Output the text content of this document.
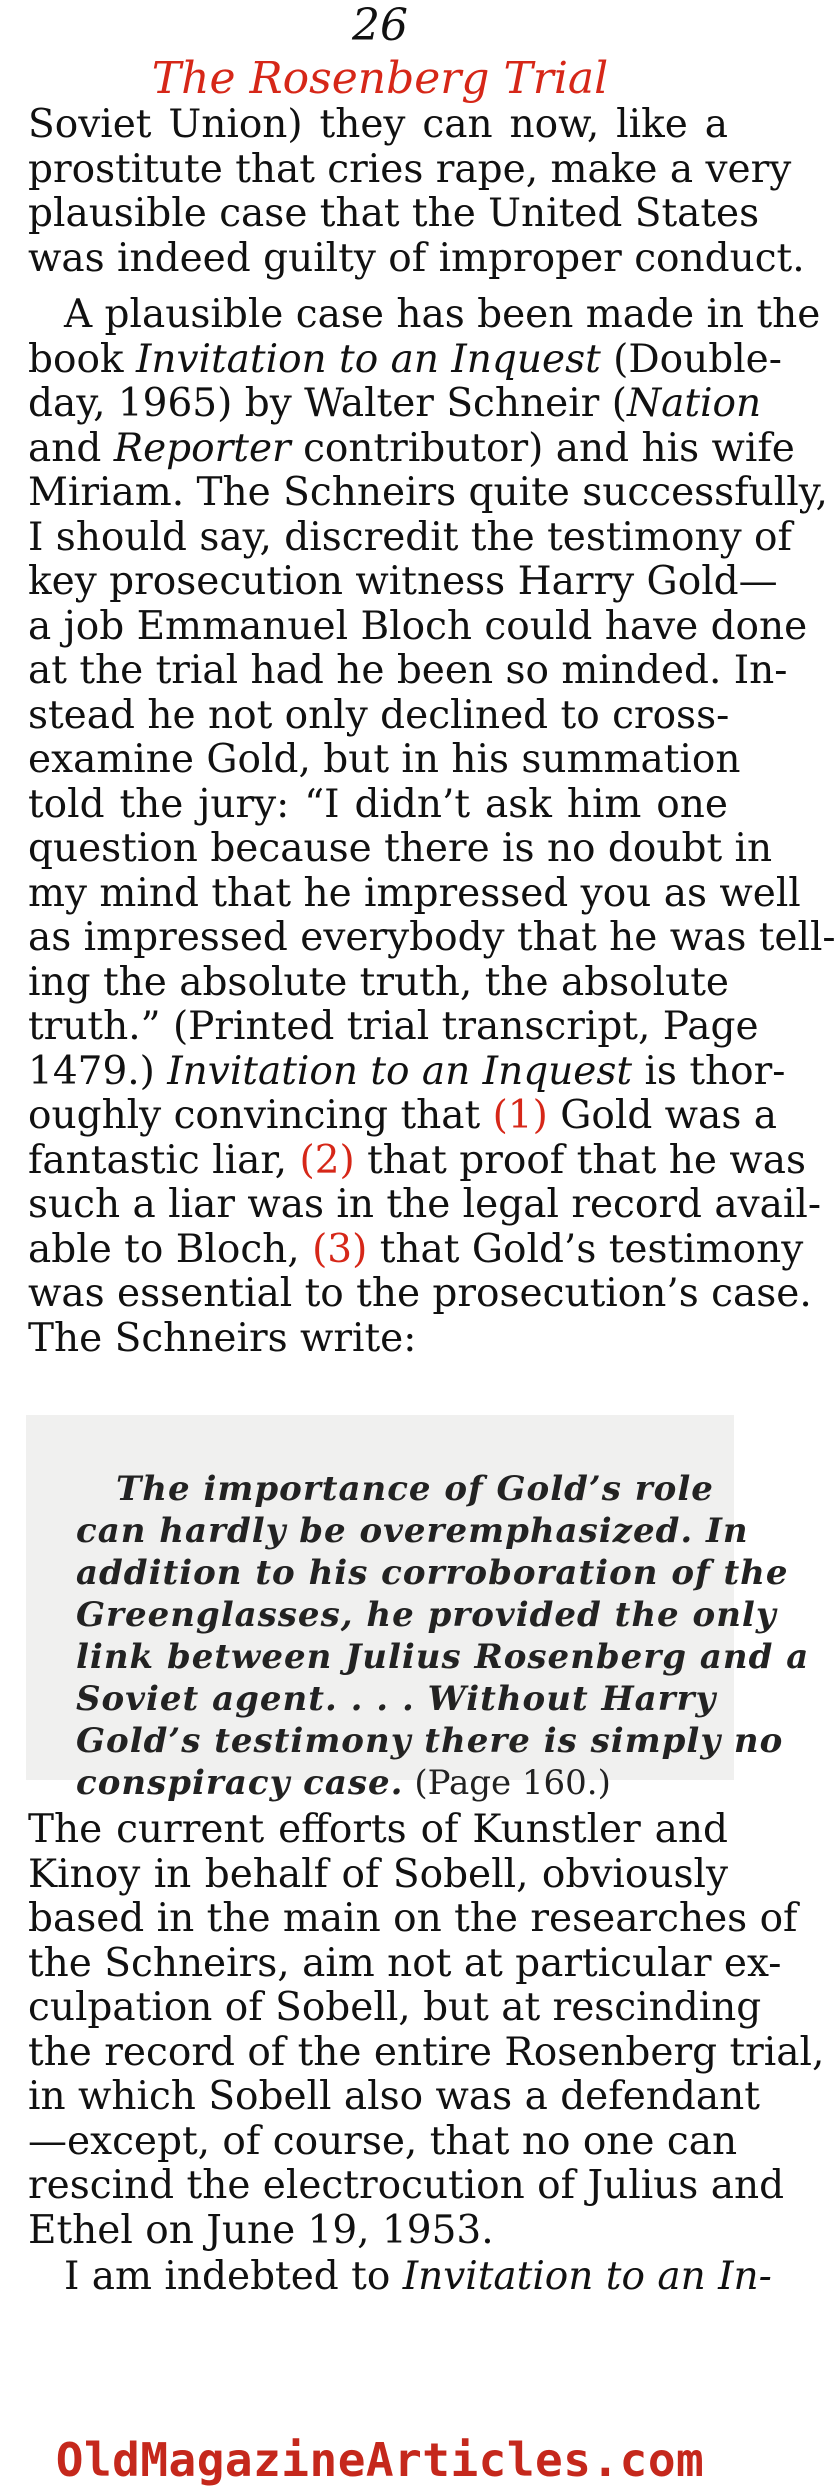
26
The Rosenberg Trial
Soviet Union) they can now, like a
prostitute that cries rape, make a very
plausible case that the United States
was indeed guilty of improper conduct.
A plausible case has been made in the
book Invitation to an Inquest (Double-
day, 1965) by Walter Schneir (Nation
and Reporter contributor) and his wife
Miriam. The Schneirs quite successfully,
I should say, discredit the testimony of
key prosecution witness Harry Gold—
a job Emmanuel Bloch could have done
at the trial had he been so minded. In-
stead he not only declined to cross-
examine Gold, but in his summation
told the jury: “I didn’t ask him one
question because there is no doubt in
my mind that he impressed you as well
as impressed everybody that he was tell-
ing the absolute truth, the absolute
truth.” (Printed trial transcript, Page
1479.) Invitation to an Inquest is thor-
oughly convincing that (1) Gold was a
fantastic liar, (2) that proof that he was
such a liar was in the legal record avail-
able to Bloch, (3) that Gold’s testimony
was essential to the prosecution’s case.
The Schneirs write:
The importance of Gold’s role
can hardly be overemphasized. In
addition to his corroboration of the
Greenglasses, he provided the only
link between Julius Rosenberg and a
Soviet agent. . . . Without Harry
Gold’s testimony there is simply no
conspiracy case. (Page 160.)
The current efforts of Kunstler and
Kinoy in behalf of Sobell, obviously
based in the main on the researches of
the Schneirs, aim not at particular ex-
culpation of Sobell, but at rescinding
the record of the entire Rosenberg trial,
in which Sobell also was a defendant
—except, of course, that no one can
rescind the electrocution of Julius and
Ethel on June 19, 1953.
I am indebted to Invitation to an In-
OldMagazineArticles.com
